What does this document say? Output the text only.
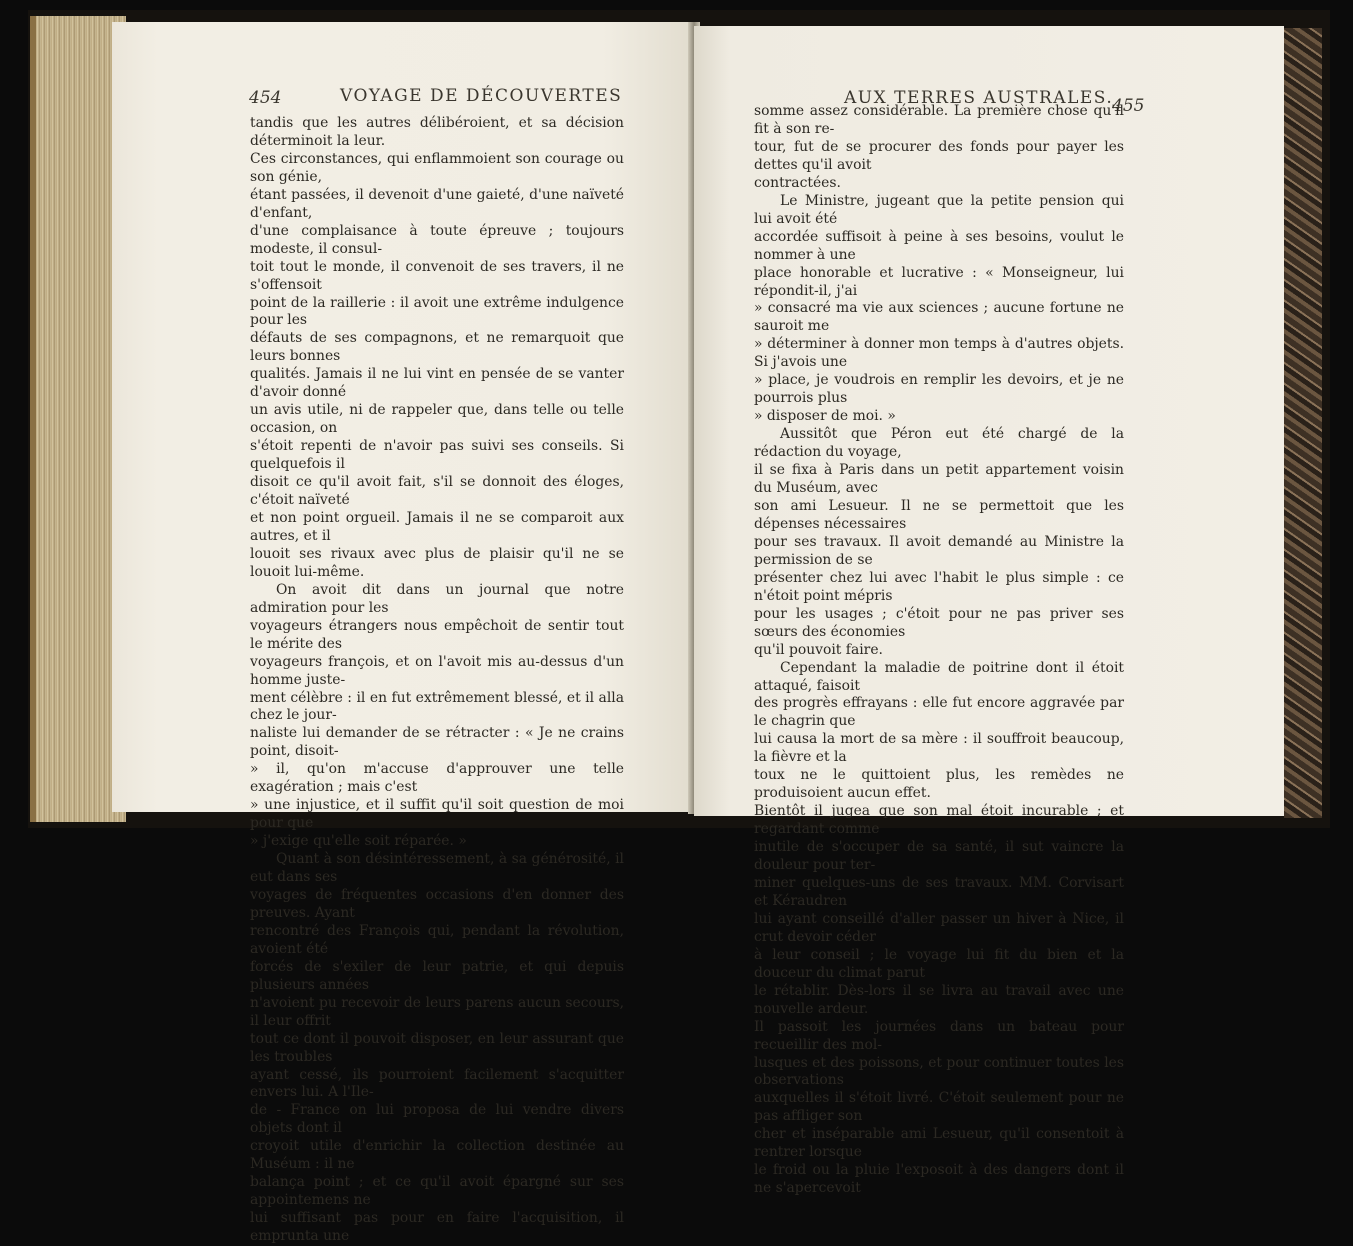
454	VOYAGE DE DÉCOUVERTES

tandis que les autres délibéroient, et sa décision déterminoit la leur.

Ces circonstances, qui enflammoient son courage ou son génie,

étant passées, il devenoit d'une gaieté, d'une naïveté d'enfant,

d'une complaisance à toute épreuve ; toujours modeste, il consul-

toit tout le monde, il convenoit de ses travers, il ne s'offensoit

point de la raillerie : il avoit une extrême indulgence pour les

défauts de ses compagnons, et ne remarquoit que leurs bonnes

qualités. Jamais il ne lui vint en pensée de se vanter d'avoir donné

un avis utile, ni de rappeler que, dans telle ou telle occasion, on

s'étoit repenti de n'avoir pas suivi ses conseils. Si quelquefois il

disoit ce qu'il avoit fait, s'il se donnoit des éloges, c'étoit naïveté

et non point orgueil. Jamais il ne se comparoit aux autres, et il

louoit ses rivaux avec plus de plaisir qu'il ne se louoit lui-même.

On avoit dit dans un journal que notre admiration pour les

voyageurs étrangers nous empêchoit de sentir tout le mérite des

voyageurs françois, et on l'avoit mis au-dessus d'un homme juste-

ment célèbre : il en fut extrêmement blessé, et il alla chez le jour-

naliste lui demander de se rétracter : « Je ne crains point, disoit-

» il, qu'on m'accuse d'approuver une telle exagération ; mais c'est

» une injustice, et il suffit qu'il soit question de moi pour que

» j'exige qu'elle soit réparée. »

Quant à son désintéressement, à sa générosité, il eut dans ses

voyages de fréquentes occasions d'en donner des preuves. Ayant

rencontré des François qui, pendant la révolution, avoient été

forcés de s'exiler de leur patrie, et qui depuis plusieurs années

n'avoient pu recevoir de leurs parens aucun secours, il leur offrit

tout ce dont il pouvoit disposer, en leur assurant que les troubles

ayant cessé, ils pourroient facilement s'acquitter envers lui. A l'Ile-

de - France on lui proposa de lui vendre divers objets dont il

croyoit utile d'enrichir la collection destinée au Muséum : il ne

balança point ; et ce qu'il avoit épargné sur ses appointemens ne

lui suffisant pas pour en faire l'acquisition, il emprunta une

AUX TERRES AUSTRALES.
455

somme assez considérable. La première chose qu'il fit à son re-

tour, fut de se procurer des fonds pour payer les dettes qu'il avoit

contractées.

Le Ministre, jugeant que la petite pension qui lui avoit été

accordée suffisoit à peine à ses besoins, voulut le nommer à une

place honorable et lucrative : « Monseigneur, lui répondit-il, j'ai

» consacré ma vie aux sciences ; aucune fortune ne sauroit me

» déterminer à donner mon temps à d'autres objets. Si j'avois une

» place, je voudrois en remplir les devoirs, et je ne pourrois plus

» disposer de moi. »

Aussitôt que Péron eut été chargé de la rédaction du voyage,

il se fixa à Paris dans un petit appartement voisin du Muséum, avec

son ami Lesueur. Il ne se permettoit que les dépenses nécessaires

pour ses travaux. Il avoit demandé au Ministre la permission de se

présenter chez lui avec l'habit le plus simple : ce n'étoit point mépris

pour les usages ; c'étoit pour ne pas priver ses sœurs des économies

qu'il pouvoit faire.

Cependant la maladie de poitrine dont il étoit attaqué, faisoit

des progrès effrayans : elle fut encore aggravée par le chagrin que

lui causa la mort de sa mère : il souffroit beaucoup, la fièvre et la

toux ne le quittoient plus, les remèdes ne produisoient aucun effet.

Bientôt il jugea que son mal étoit incurable ; et regardant comme

inutile de s'occuper de sa santé, il sut vaincre la douleur pour ter-

miner quelques-uns de ses travaux. MM. Corvisart et Kéraudren

lui ayant conseillé d'aller passer un hiver à Nice, il crut devoir céder

à leur conseil ; le voyage lui fit du bien et la douceur du climat parut

le rétablir. Dès-lors il se livra au travail avec une nouvelle ardeur.

Il passoit les journées dans un bateau pour recueillir des mol-

lusques et des poissons, et pour continuer toutes les observations

auxquelles il s'étoit livré. C'étoit seulement pour ne pas affliger son

cher et inséparable ami Lesueur, qu'il consentoit à rentrer lorsque

le froid ou la pluie l'exposoit à des dangers dont il ne s'apercevoit
